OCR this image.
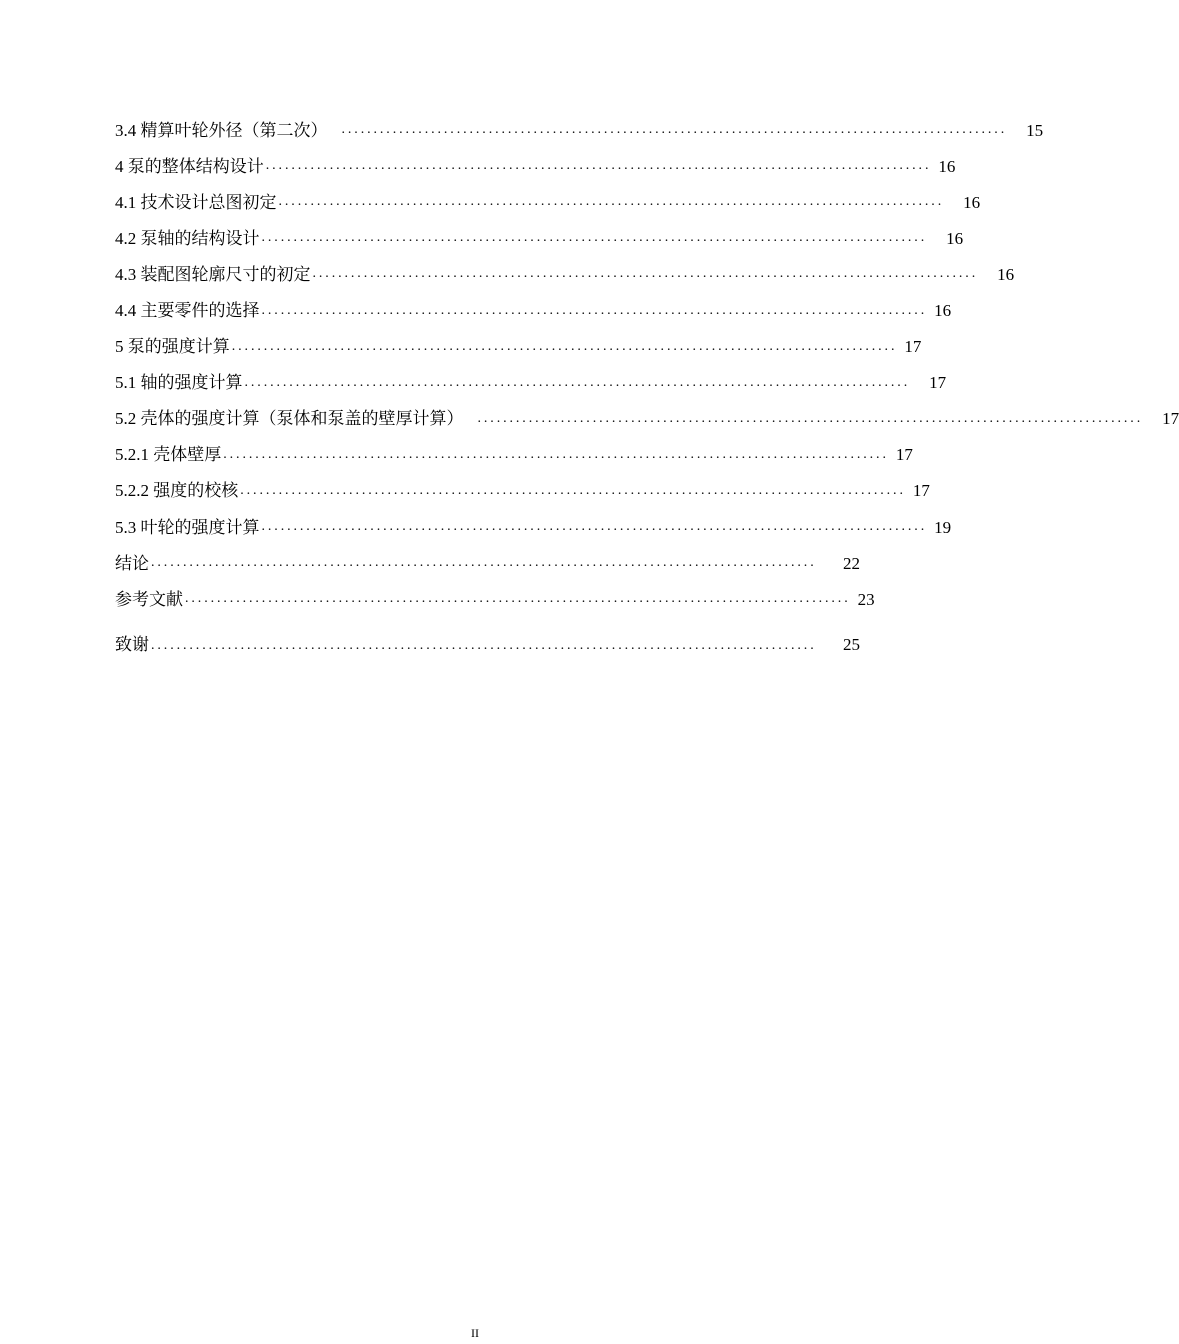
3.4 精算叶轮外径（第二次） ........................................................................................................ 15
4 泵的整体结构设计 ........................................................................................................ 16
4.1 技术设计总图初定 ........................................................................................................ 16
4.2 泵轴的结构设计 ........................................................................................................ 16
4.3 装配图轮廓尺寸的初定 ........................................................................................................ 16
4.4 主要零件的选择 ........................................................................................................ 16
5 泵的强度计算 ........................................................................................................ 17
5.1 轴的强度计算 ........................................................................................................ 17
5.2 壳体的强度计算（泵体和泵盖的壁厚计算） ........................................................................................................ 17
5.2.1 壳体壁厚 ........................................................................................................ 17
5.2.2 强度的校核 ........................................................................................................ 17
5.3 叶轮的强度计算 ........................................................................................................ 19
结论 ........................................................................................................	22
参考文献 ........................................................................................................ 23
致谢 ........................................................................................................	25
II
